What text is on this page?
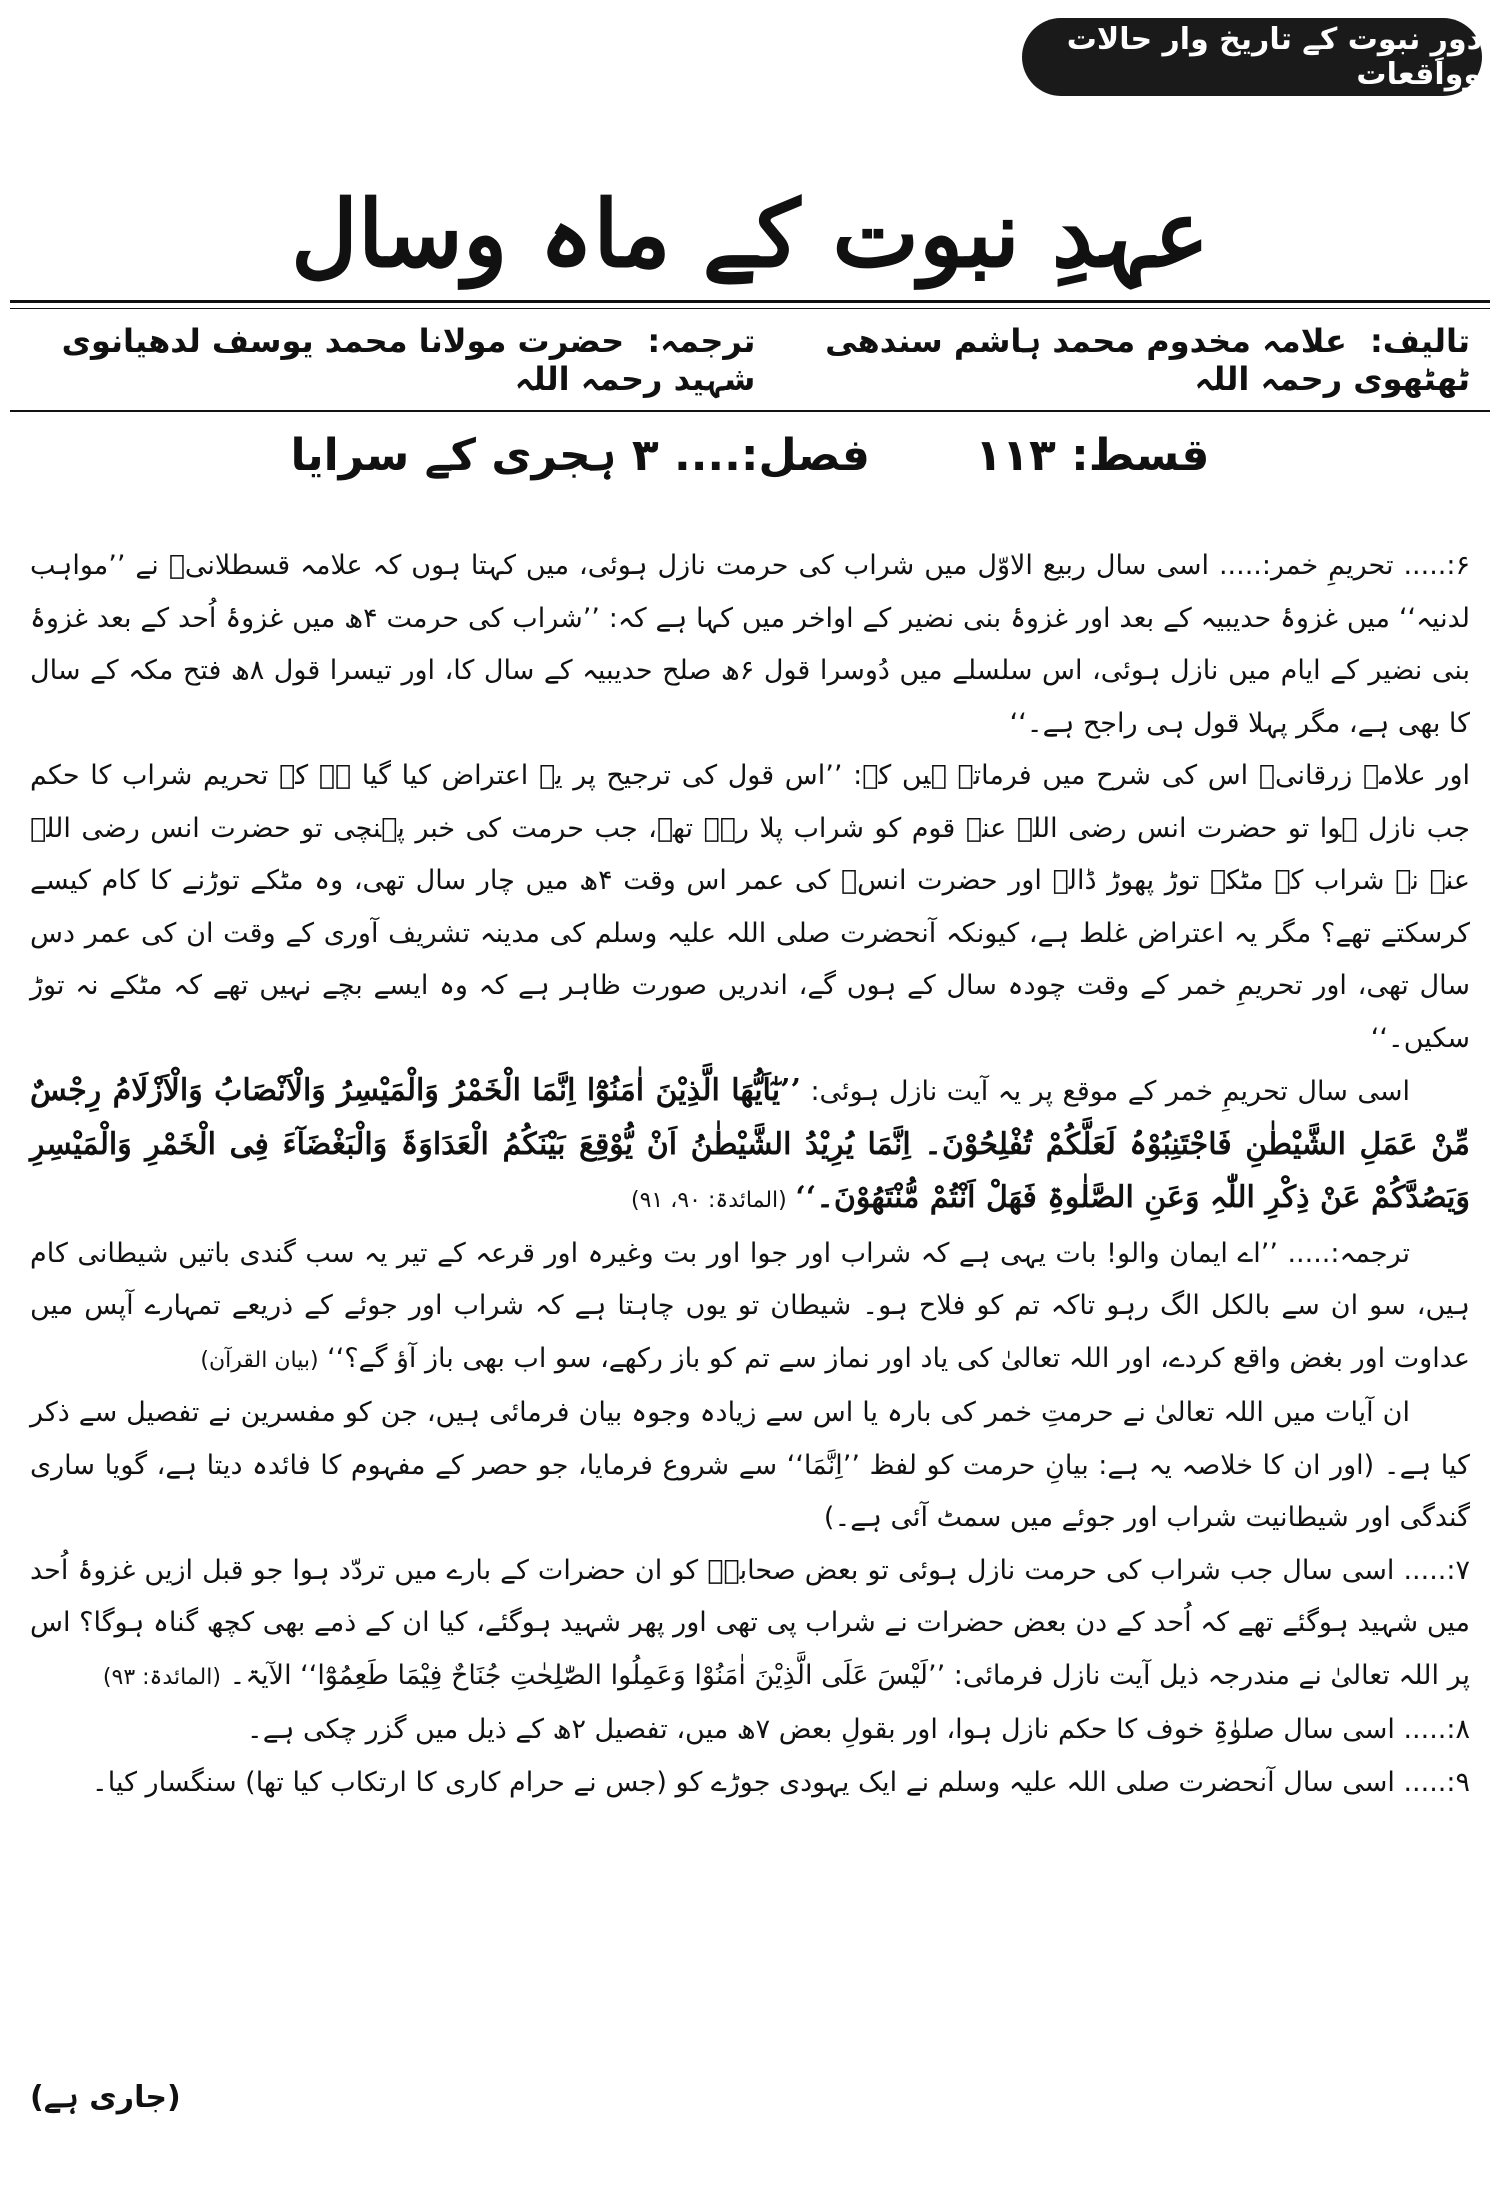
دورِ نبوت کے تاریخ وار حالات وواقعات
عہدِ نبوت کے ماہ وسال
تالیف: علامہ مخدوم محمد ہاشم سندھی ٹھٹھوی رحمہ اللہ
ترجمہ: حضرت مولانا محمد یوسف لدھیانوی شہید رحمہ اللہ
قسط: ۱۱۳ فصل:.... ۳ ہجری کے سرایا

۶:..... تحریمِ خمر:..... اسی سال ربیع الاوّل میں شراب کی حرمت نازل ہوئی، میں کہتا ہوں کہ علامہ قسطلانیؒ نے ’’مواہب لدنیہ‘‘ میں غزوۂ حدیبیہ کے بعد اور غزوۂ بنی نضیر کے اواخر میں کہا ہے کہ: ’’شراب کی حرمت ۴ھ میں غزوۂ اُحد کے بعد غزوۂ بنی نضیر کے ایام میں نازل ہوئی، اس سلسلے میں دُوسرا قول ۶ھ صلح حدیبیہ کے سال کا، اور تیسرا قول ۸ھ فتح مکہ کے سال کا بھی ہے، مگر پہلا قول ہی راجح ہے۔‘‘

اور علامہ زرقانیؒ اس کی شرح میں فرماتے ہیں کہ: ’’اس قول کی ترجیح پر یہ اعتراض کیا گیا ہے کہ تحریم شراب کا حکم جب نازل ہوا تو حضرت انس رضی اللہ عنہ قوم کو شراب پلا رہے تھے، جب حرمت کی خبر پہنچی تو حضرت انس رضی اللہ عنہ نے شراب کے مٹکے توڑ پھوڑ ڈالے اور حضرت انسؓ کی عمر اس وقت ۴ھ میں چار سال تھی، وہ مٹکے توڑنے کا کام کیسے کرسکتے تھے؟ مگر یہ اعتراض غلط ہے، کیونکہ آنحضرت صلی اللہ علیہ وسلم کی مدینہ تشریف آوری کے وقت ان کی عمر دس سال تھی، اور تحریمِ خمر کے وقت چودہ سال کے ہوں گے، اندریں صورت ظاہر ہے کہ وہ ایسے بچے نہیں تھے کہ مٹکے نہ توڑ سکیں۔‘‘

اسی سال تحریمِ خمر کے موقع پر یہ آیت نازل ہوئی: ’’یٰٓاَیُّھَا الَّذِیْنَ اٰمَنُوْٓا اِنَّمَا الْخَمْرُ وَالْمَیْسِرُ وَالْاَنْصَابُ وَالْاَزْلَامُ رِجْسٌ مِّنْ عَمَلِ الشَّیْطٰنِ فَاجْتَنِبُوْہُ لَعَلَّکُمْ تُفْلِحُوْنَ۔ اِنَّمَا یُرِیْدُ الشَّیْطٰنُ اَنْ یُّوْقِعَ بَیْنَکُمُ الْعَدَاوَۃَ وَالْبَغْضَآءَ فِی الْخَمْرِ وَالْمَیْسِرِ وَیَصُدَّکُمْ عَنْ ذِکْرِ اللّٰہِ وَعَنِ الصَّلٰوۃِ فَھَلْ اَنْتُمْ مُّنْتَھُوْنَ۔‘‘ (المائدۃ: ۹۰، ۹۱)

ترجمہ:..... ’’اے ایمان والو! بات یہی ہے کہ شراب اور جوا اور بت وغیرہ اور قرعہ کے تیر یہ سب گندی باتیں شیطانی کام ہیں، سو ان سے بالکل الگ رہو تاکہ تم کو فلاح ہو۔ شیطان تو یوں چاہتا ہے کہ شراب اور جوئے کے ذریعے تمہارے آپس میں عداوت اور بغض واقع کردے، اور اللہ تعالیٰ کی یاد اور نماز سے تم کو باز رکھے، سو اب بھی باز آؤ گے؟‘‘ (بیان القرآن)

ان آیات میں اللہ تعالیٰ نے حرمتِ خمر کی بارہ یا اس سے زیادہ وجوہ بیان فرمائی ہیں، جن کو مفسرین نے تفصیل سے ذکر کیا ہے۔ (اور ان کا خلاصہ یہ ہے: بیانِ حرمت کو لفظ ’’اِنَّمَا‘‘ سے شروع فرمایا، جو حصر کے مفہوم کا فائدہ دیتا ہے، گویا ساری گندگی اور شیطانیت شراب اور جوئے میں سمٹ آئی ہے۔)

۷:..... اسی سال جب شراب کی حرمت نازل ہوئی تو بعض صحابہؓ کو ان حضرات کے بارے میں تردّد ہوا جو قبل ازیں غزوۂ اُحد میں شہید ہوگئے تھے کہ اُحد کے دن بعض حضرات نے شراب پی تھی اور پھر شہید ہوگئے، کیا ان کے ذمے بھی کچھ گناہ ہوگا؟ اس پر اللہ تعالیٰ نے مندرجہ ذیل آیت نازل فرمائی: ’’لَیْسَ عَلَی الَّذِیْنَ اٰمَنُوْا وَعَمِلُوا الصّٰلِحٰتِ جُنَاحٌ فِیْمَا طَعِمُوْٓا‘‘ الآیۃ۔ (المائدۃ: ۹۳)

۸:..... اسی سال صلوٰۃِ خوف کا حکم نازل ہوا، اور بقولِ بعض ۷ھ میں، تفصیل ۲ھ کے ذیل میں گزر چکی ہے۔

۹:..... اسی سال آنحضرت صلی اللہ علیہ وسلم نے ایک یہودی جوڑے کو (جس نے حرام کاری کا ارتکاب کیا تھا) سنگسار کیا۔

(جاری ہے)
